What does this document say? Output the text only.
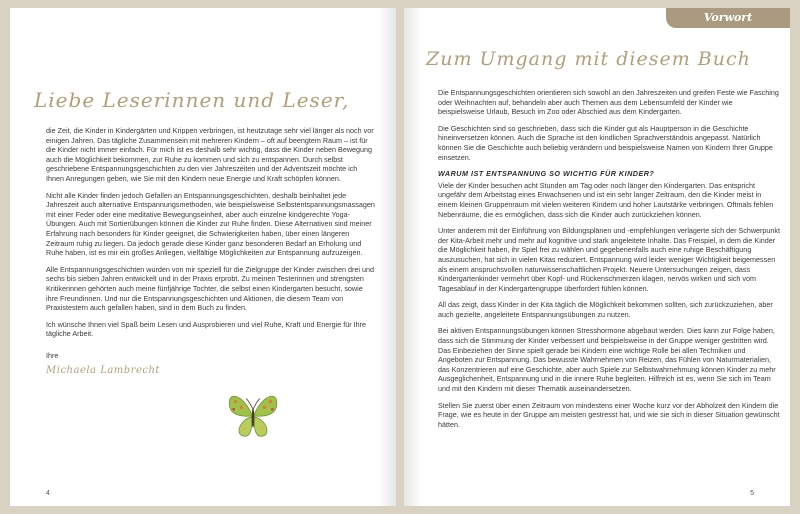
Liebe Leserinnen und Leser,

die Zeit, die Kinder in Kindergärten und Krippen verbringen, ist heutzutage sehr viel länger als noch vor einigen Jahren. Das tägliche Zusammensein mit mehreren Kindern – oft auf beengtem Raum – ist für die Kinder nicht immer einfach. Für mich ist es deshalb sehr wichtig, dass die Kinder neben Bewegung auch die Möglichkeit bekommen, zur Ruhe zu kommen und sich zu entspannen. Durch selbst geschriebene Entspannungsgeschichten zu den vier Jahreszeiten und der Adventszeit möchte ich Ihnen Anregungen geben, wie Sie mit den Kindern neue Energie und Kraft schöpfen können.

Nicht alle Kinder finden jedoch Gefallen an Entspannungsgeschichten, deshalb beinhaltet jede Jahreszeit auch alternative Entspannungsmethoden, wie beispielsweise Selbstentspannungsmassagen mit einer Feder oder eine meditative Bewegungseinheit, aber auch einzelne kindgerechte Yoga-Übungen. Auch mit Sortierübungen können die Kinder zur Ruhe finden. Diese Alternativen sind meiner Erfahrung nach besonders für Kinder geeignet, die Schwierigkeiten haben, über einen längeren Zeitraum ruhig zu liegen. Da jedoch gerade diese Kinder ganz besonderen Bedarf an Erholung und Ruhe haben, ist es mir ein großes Anliegen, vielfältige Möglichkeiten zur Entspannung aufzuzeigen.

Alle Entspannungsgeschichten wurden von mir speziell für die Zielgruppe der Kinder zwischen drei und sechs bis sieben Jahren entwickelt und in der Praxis erprobt. Zu meinen Testerinnen und strengsten Kritikerinnen gehörten auch meine fünfjährige Tochter, die selbst einen Kindergarten besucht, sowie ihre Freundinnen. Und nur die Entspannungsgeschichten und Aktionen, die diesem Team von Praxistestern auch gefallen haben, sind in dem Buch zu finden.

Ich wünsche Ihnen viel Spaß beim Lesen und Ausprobieren und viel Ruhe, Kraft und Energie für Ihre tägliche Arbeit.

Ihre
Michaela Lambrecht
4
Vorwort
Zum Umgang mit diesem Buch

Die Entspannungsgeschichten orientieren sich sowohl an den Jahreszeiten und greifen Feste wie Fasching oder Weihnachten auf, behandeln aber auch Themen aus dem Lebensumfeld der Kinder wie beispielsweise Urlaub, Besuch im Zoo oder Abschied aus dem Kindergarten.

Die Geschichten sind so geschrieben, dass sich die Kinder gut als Hauptperson in die Geschichte hineinversetzen können. Auch die Sprache ist den kindlichen Sprachverständnis angepasst. Natürlich können Sie die Geschichte auch beliebig verändern und beispielsweise Namen von Kindern Ihrer Gruppe einsetzen.

WARUM IST ENTSPANNUNG SO WICHTIG FÜR KINDER?

Viele der Kinder besuchen acht Stunden am Tag oder noch länger den Kindergarten. Das entspricht ungefähr dem Arbeitstag eines Erwachsenen und ist ein sehr langer Zeitraum, den die Kinder meist in einem kleinen Gruppenraum mit vielen weiteren Kindern und hoher Lautstärke verbringen. Oftmals fehlen Nebenräume, die es ermöglichen, dass sich die Kinder auch zurückziehen können.

Unter anderem mit der Einführung von Bildungsplänen und -empfehlungen verlagerte sich der Schwerpunkt der Kita-Arbeit mehr und mehr auf kognitive und stark angeleitete Inhalte. Das Freispiel, in dem die Kinder die Möglichkeit haben, ihr Spiel frei zu wählen und gegebenenfalls auch eine ruhige Beschäftigung auszusuchen, hat sich in vielen Kitas reduziert. Entspannung wird leider weniger Wichtigkeit beigemessen als einem anspruchsvollen naturwissenschaftlichen Projekt. Neuere Untersuchungen zeigen, dass Kindergartenkinder vermehrt über Kopf- und Rückenschmerzen klagen, nervös wirken und sich vom Tagesablauf in der Kindergartengruppe überfordert fühlen können.

All das zeigt, dass Kinder in der Kita täglich die Möglichkeit bekommen sollten, sich zurückzuziehen, aber auch gezielte, angeleitete Entspannungsübungen zu nutzen.

Bei aktiven Entspannungsübungen können Stresshormone abgebaut werden. Dies kann zur Folge haben, dass sich die Stimmung der Kinder verbessert und beispielsweise in der Gruppe weniger gestritten wird. Das Einbeziehen der Sinne spielt gerade bei Kindern eine wichtige Rolle bei allen Techniken und Angeboten zur Entspannung. Das bewusste Wahrnehmen von Reizen, das Fühlen von Naturmaterialien, das Konzentrieren auf eine Geschichte, aber auch Spiele zur Selbstwahrnehmung können Kinder zu mehr Ausgeglichenheit, Entspannung und in die innere Ruhe begleiten. Hilfreich ist es, wenn Sie sich im Team und mit den Kindern mit dieser Thematik auseinandersetzen.

Stellen Sie zuerst über einen Zeitraum von mindestens einer Woche kurz vor der Abholzeit den Kindern die Frage, wie es heute in der Gruppe am meisten gestresst hat, und wie sie sich in dieser Situation gewünscht hätten.

5
